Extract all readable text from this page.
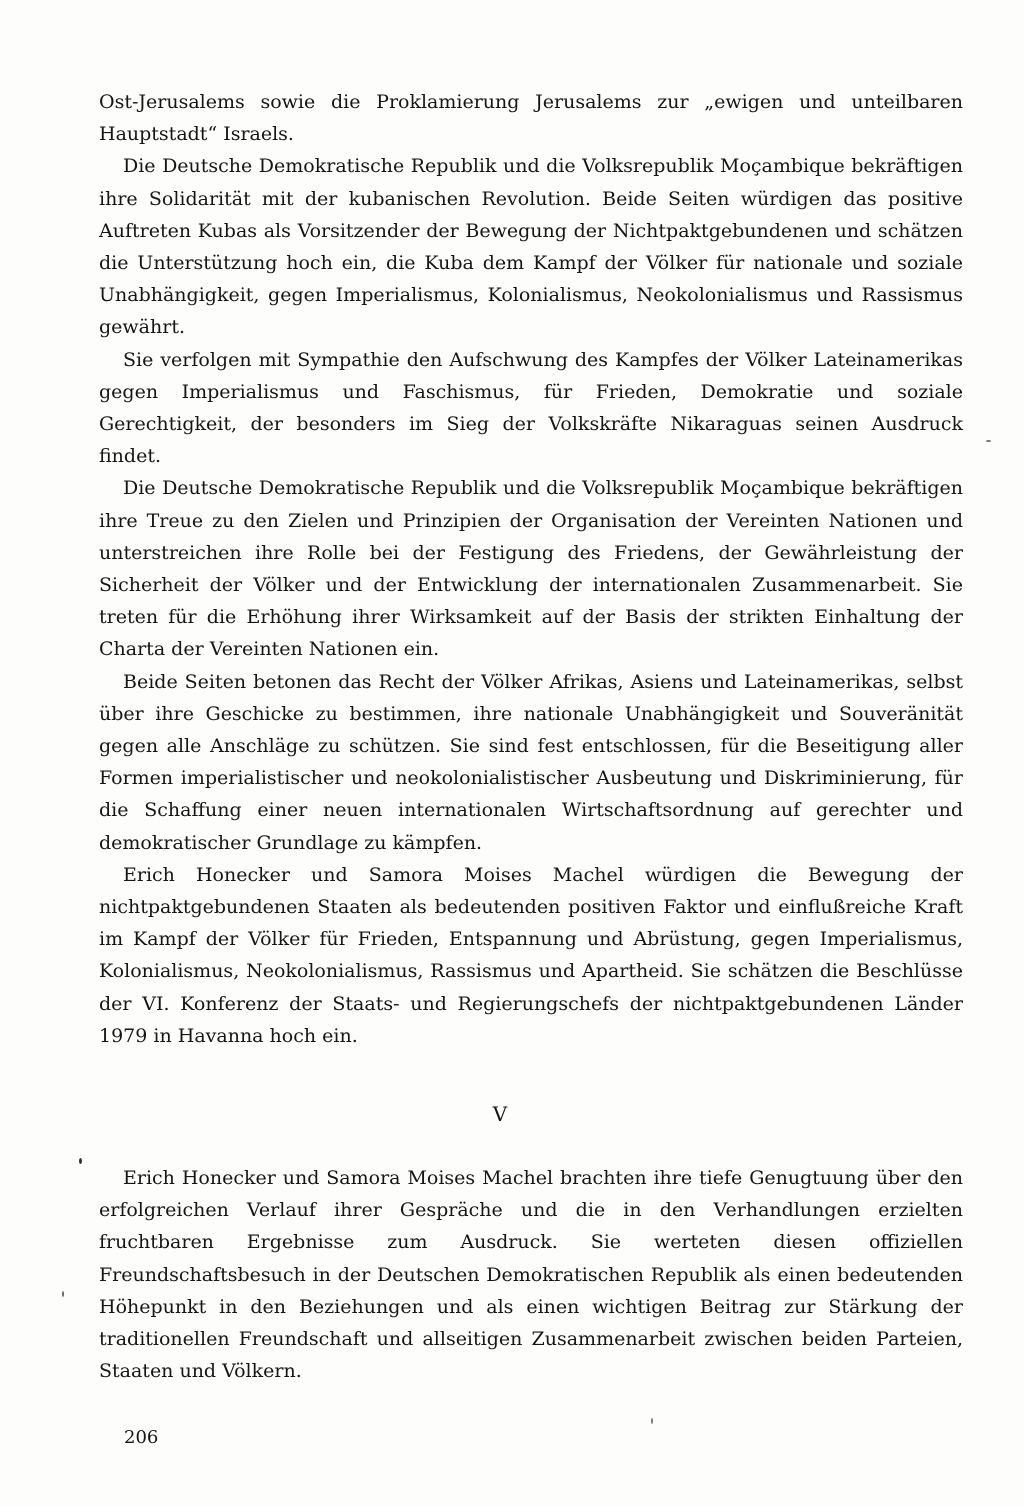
Ost-Jerusalems sowie die Proklamierung Jerusalems zur „ewigen und unteilbaren Hauptstadt“ Israels.

Die Deutsche Demokratische Republik und die Volksrepublik Moçambique bekräftigen ihre Solidarität mit der kubanischen Revolution. Beide Seiten würdigen das positive Auftreten Kubas als Vorsitzender der Bewegung der Nichtpaktgebundenen und schätzen die Unterstützung hoch ein, die Kuba dem Kampf der Völker für nationale und soziale Unabhängigkeit, gegen Imperialismus, Kolonialismus, Neokolonialismus und Rassismus gewährt.

Sie verfolgen mit Sympathie den Aufschwung des Kampfes der Völker Lateinamerikas gegen Imperialismus und Faschismus, für Frieden, Demokratie und soziale Gerechtigkeit, der besonders im Sieg der Volkskräfte Nikaraguas seinen Ausdruck findet.

Die Deutsche Demokratische Republik und die Volksrepublik Moçambique bekräftigen ihre Treue zu den Zielen und Prinzipien der Organisation der Vereinten Nationen und unterstreichen ihre Rolle bei der Festigung des Friedens, der Gewährleistung der Sicherheit der Völker und der Entwicklung der internationalen Zusammenarbeit. Sie treten für die Erhöhung ihrer Wirksamkeit auf der Basis der strikten Einhaltung der Charta der Vereinten Nationen ein.

Beide Seiten betonen das Recht der Völker Afrikas, Asiens und Lateinamerikas, selbst über ihre Geschicke zu bestimmen, ihre nationale Unabhängigkeit und Souveränität gegen alle Anschläge zu schützen. Sie sind fest entschlossen, für die Beseitigung aller Formen imperialistischer und neokolonialistischer Ausbeutung und Diskriminierung, für die Schaffung einer neuen internationalen Wirtschaftsordnung auf gerechter und demokratischer Grundlage zu kämpfen.

Erich Honecker und Samora Moises Machel würdigen die Bewegung der nichtpaktgebundenen Staaten als bedeutenden positiven Faktor und einflußreiche Kraft im Kampf der Völker für Frieden, Entspannung und Abrüstung, gegen Imperialismus, Kolonialismus, Neokolonialismus, Rassismus und Apartheid. Sie schätzen die Beschlüsse der VI. Konferenz der Staats- und Regierungschefs der nichtpaktgebundenen Länder 1979 in Havanna hoch ein.

V

Erich Honecker und Samora Moises Machel brachten ihre tiefe Genugtuung über den erfolgreichen Verlauf ihrer Gespräche und die in den Verhandlungen erzielten fruchtbaren Ergebnisse zum Ausdruck. Sie werteten diesen offiziellen Freundschaftsbesuch in der Deutschen Demokratischen Republik als einen bedeutenden Höhepunkt in den Beziehungen und als einen wichtigen Beitrag zur Stärkung der traditionellen Freundschaft und allseitigen Zusammenarbeit zwischen beiden Parteien, Staaten und Völkern.

206
